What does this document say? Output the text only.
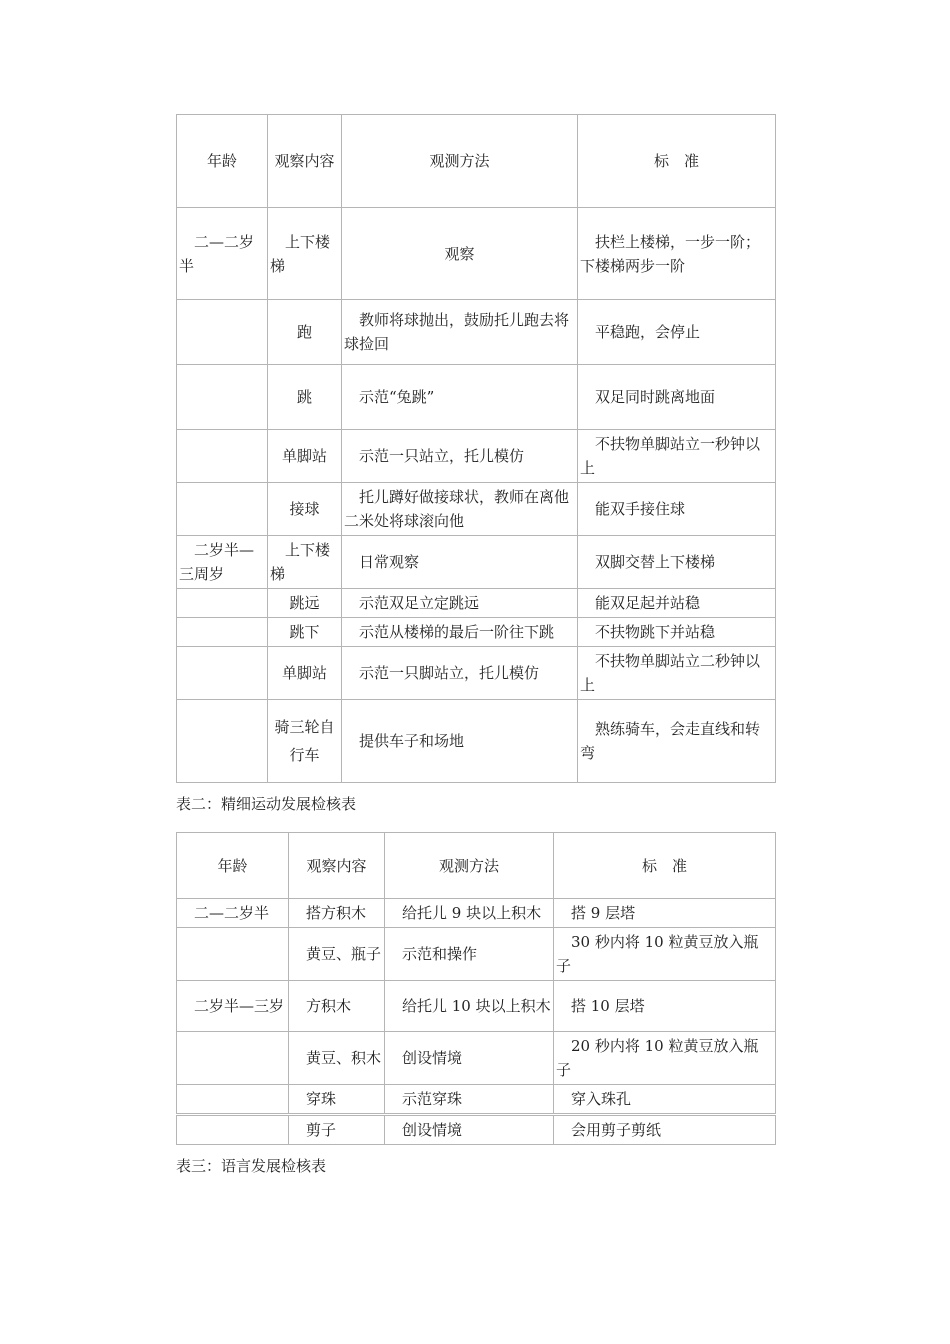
年龄	观察内容	观测方法	标　准
二—二岁半	上下楼梯	观察	扶栏上楼梯，一步一阶；下楼梯两步一阶
	跑	教师将球抛出，鼓励托儿跑去将球捡回	平稳跑，会停止
	跳	示范“兔跳”	双足同时跳离地面
	单脚站	示范一只站立，托儿模仿	不扶物单脚站立一秒钟以上
	接球	托儿蹲好做接球状，教师在离他二米处将球滚向他	能双手接住球
二岁半—三周岁	上下楼梯	日常观察	双脚交替上下楼梯
	跳远	示范双足立定跳远	能双足起并站稳
	跳下	示范从楼梯的最后一阶往下跳	不扶物跳下并站稳
	单脚站	示范一只脚站立，托儿模仿	不扶物单脚站立二秒钟以上
	骑三轮自行车	提供车子和场地	熟练骑车，会走直线和转弯
表二：精细运动发展检核表
年龄	观察内容	观测方法	标　准
二—二岁半	搭方积木	给托儿 9 块以上积木	搭 9 层塔
	黄豆、瓶子	示范和操作	30 秒内将 10 粒黄豆放入瓶子
二岁半—三岁	方积木	给托儿 10 块以上积木	搭 10 层塔
	黄豆、积木	创设情境	20 秒内将 10 粒黄豆放入瓶子
	穿珠	示范穿珠	穿入珠孔
	剪子	创设情境	会用剪子剪纸
表三：语言发展检核表
